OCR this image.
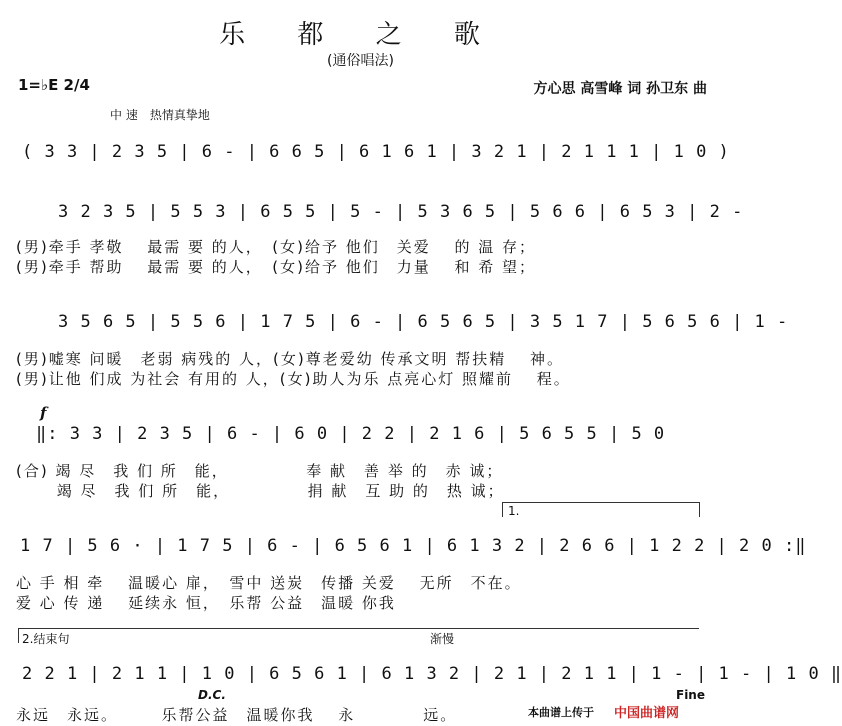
乐 都 之 歌
(通俗唱法)
1=♭E 2/4	方心思 高雪峰 词 孙卫东 曲
中 速　热情真挚地
( 3 3 | 2 3 5 | 6 - | 6 6 5 | 6 1 6 1 | 3 2 1 | 2 1 1 1 | 1 0 )
3 2 3 5 | 5 5 3 | 6 5 5 | 5 - | 5 3 6 5 | 5 6 6 | 6 5 3 | 2 -
(男)牵手 孝敬　 最需 要 的人，　(女)给予 他们　关爱　 的 温 存；
(男)牵手 帮助　 最需 要 的人，　(女)给予 他们　力量　 和 希 望；
3 5 6 5 | 5 5 6 | 1 7 5 | 6 - | 6 5 6 5 | 3 5 1 7 | 5 6 5 6 | 1 -
(男)嘘寒 问暖　老弱 病残的 人，(女)尊老爱幼 传承文明 帮扶精　 神。
(男)让他 们成 为社会 有用的 人，(女)助人为乐 点亮心灯 照耀前　 程。
f
‖: 3 3 | 2 3 5 | 6 - | 6 0 | 2 2 | 2 1 6 | 5 6 5 5 | 5 0
(合) 竭 尽　我 们 所　能，　　　　　奉 献　善 举 的　赤 诚；
　　 竭 尽　我 们 所　能，　　　　　捐 献　互 助 的　热 诚；
1.
1 7 | 5 6 · | 1 7 5 | 6 - | 6 5 6 1 | 6 1 3 2 | 2 6 6 | 1 2 2 | 2 0 :‖
心 手 相 牵　 温暖心 扉，　雪中 送炭　传播 关爱　 无所　不在。
爱 心 传 递　 延续永 恒，　乐帮 公益　温暖 你我
2.结束句	渐慢
2 2 1 | 2 1 1 | 1 0 | 6 5 6 1 | 6 1 3 2 | 2 1 | 2 1 1 | 1 - | 1 - | 1 0 ‖
D.C.	Fine
永远　永远。　　　乐帮公益　温暖你我　 永　　　　远。	本曲谱上传于 中国曲谱网
